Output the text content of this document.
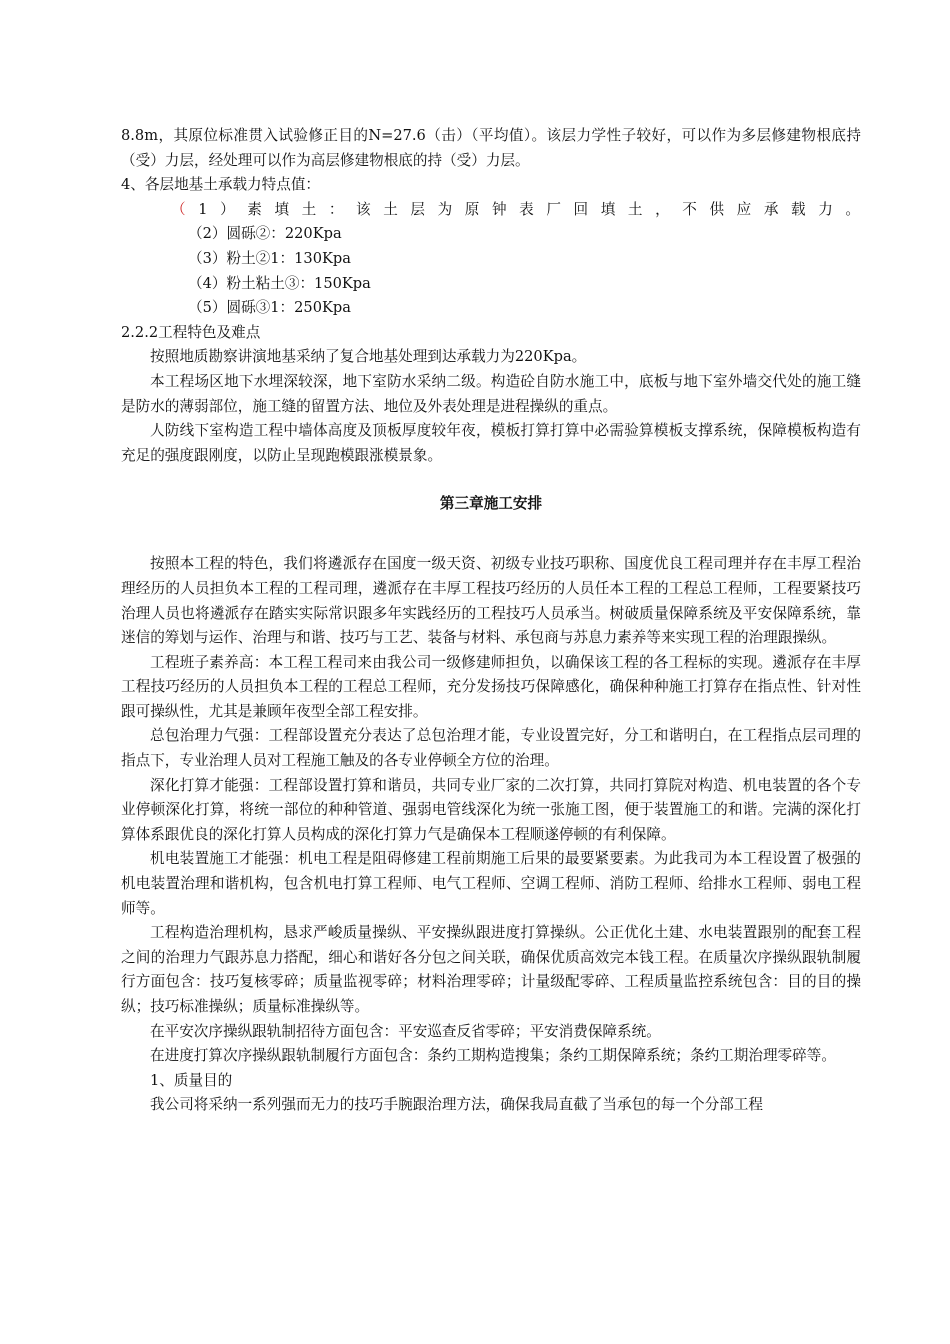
8.8m，其原位标准贯入试验修正目的N=27.6（击）（平均值）。该层力学性子较好，可以作为多层修建物根底持（受）力层，经处理可以作为高层修建物根底的持（受）力层。

4、各层地基土承载力特点值：

（1）素填土：该土层为原钟表厂回填土，不供应承载力。

（2）圆砾②：220Kpa

（3）粉土②1：130Kpa

（4）粉土粘土③：150Kpa

（5）圆砾③1：250Kpa

2.2.2工程特色及难点

按照地质勘察讲演地基采纳了复合地基处理到达承载力为220Kpa。

本工程场区地下水埋深较深，地下室防水采纳二级。构造砼自防水施工中，底板与地下室外墙交代处的施工缝是防水的薄弱部位，施工缝的留置方法、地位及外表处理是进程操纵的重点。

人防线下室构造工程中墙体高度及顶板厚度较年夜，模板打算打算中必需验算模板支撑系统，保障模板构造有充足的强度跟刚度，以防止呈现跑模跟涨模景象。

第三章施工安排

按照本工程的特色，我们将遴派存在国度一级天资、初级专业技巧职称、国度优良工程司理并存在丰厚工程治理经历的人员担负本工程的工程司理，遴派存在丰厚工程技巧经历的人员任本工程的工程总工程师，工程要紧技巧治理人员也将遴派存在踏实实际常识跟多年实践经历的工程技巧人员承当。树破质量保障系统及平安保障系统，靠迷信的筹划与运作、治理与和谐、技巧与工艺、装备与材料、承包商与苏息力素养等来实现工程的治理跟操纵。

工程班子素养高：本工程工程司来由我公司一级修建师担负，以确保该工程的各工程标的实现。遴派存在丰厚工程技巧经历的人员担负本工程的工程总工程师，充分发扬技巧保障感化，确保种种施工打算存在指点性、针对性跟可操纵性，尤其是兼顾年夜型全部工程安排。

总包治理力气强：工程部设置充分表达了总包治理才能，专业设置完好，分工和谐明白，在工程指点层司理的指点下，专业治理人员对工程施工触及的各专业停顿全方位的治理。

深化打算才能强：工程部设置打算和谐员，共同专业厂家的二次打算，共同打算院对构造、机电装置的各个专业停顿深化打算，将统一部位的种种管道、强弱电管线深化为统一张施工图，便于装置施工的和谐。完满的深化打算体系跟优良的深化打算人员构成的深化打算力气是确保本工程顺遂停顿的有利保障。

机电装置施工才能强：机电工程是阻碍修建工程前期施工后果的最要紧要素。为此我司为本工程设置了极强的机电装置治理和谐机构，包含机电打算工程师、电气工程师、空调工程师、消防工程师、给排水工程师、弱电工程师等。

工程构造治理机构，恳求严峻质量操纵、平安操纵跟进度打算操纵。公正优化土建、水电装置跟别的配套工程之间的治理力气跟苏息力搭配，细心和谐好各分包之间关联，确保优质高效完本钱工程。在质量次序操纵跟轨制履行方面包含：技巧复核零碎；质量监视零碎；材料治理零碎；计量级配零碎、工程质量监控系统包含：目的目的操纵；技巧标准操纵；质量标准操纵等。

在平安次序操纵跟轨制招待方面包含：平安巡查反省零碎；平安消费保障系统。

在进度打算次序操纵跟轨制履行方面包含：条约工期构造搜集；条约工期保障系统；条约工期治理零碎等。

1、质量目的

我公司将采纳一系列强而无力的技巧手腕跟治理方法，确保我局直截了当承包的每一个分部工程
